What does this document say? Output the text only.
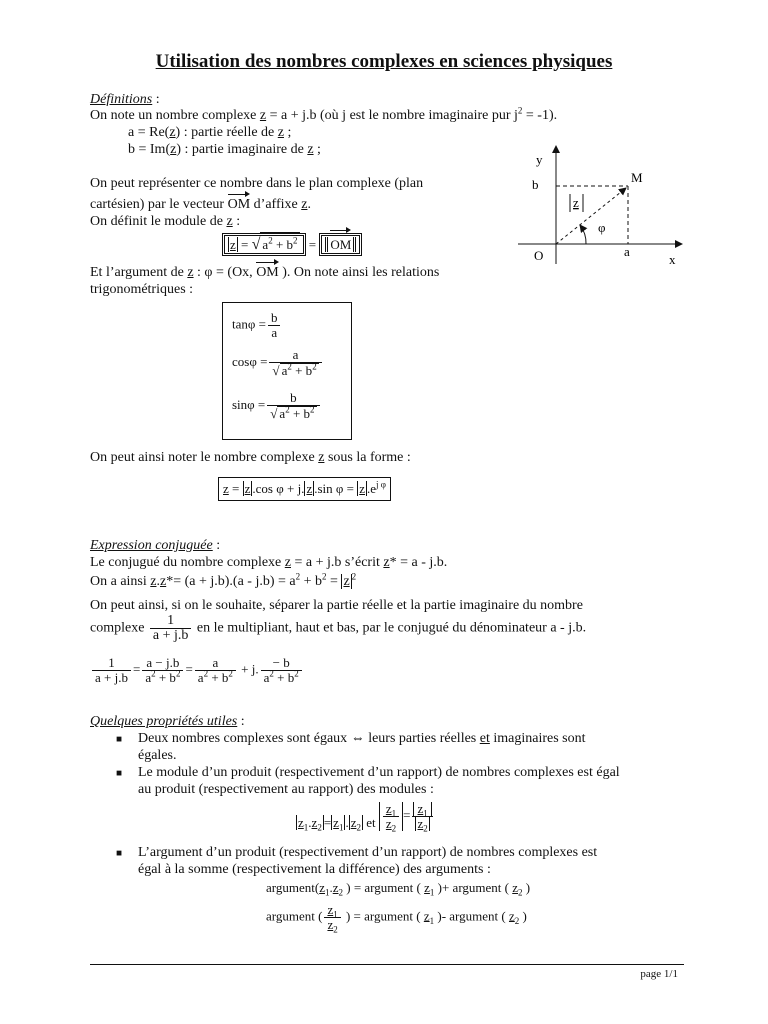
Utilisation des nombres complexes en sciences physiques
Définitions :
On note un nombre complexe z = a + j.b (où j est le nombre imaginaire pur $j^2 = -1$).
a = Re(z) : partie réelle de z ;
b = Im(z) : partie imaginaire de z ;
On peut représenter ce nombre dans le plan complexe (plan
cartésien) par le vecteur OM d’affixe z.
On définit le module de z :
z = √ $a^2 + b^2$ = OM
Et l’argument de z : φ = (Ox, OM ). On note ainsi les relations
trigonométriques :
$\tan\varphi = \frac{b}{a}$
$\cos\varphi = \frac{a}{√ a^2 + b^2}$
$\sin\varphi = \frac{b}{√ a^2 + b^2}$
On peut ainsi noter le nombre complexe z sous la forme :
z = z .cos φ + j. z .sin φ = z $.e^{j \varphi}$
y
x
b
a
O
M
z
φ
Expression conjuguée :
Le conjugué du nombre complexe z = a + j.b s’écrit z* = a - j.b.
On a ainsi $z.z*= (a + j.b).(a - j.b) = a^2 + b^2 = z$ $^2$
On peut ainsi, si on le souhaite, séparer la partie réelle et la partie imaginaire du nombre
complexe $\frac{1}{a + j.b}$ en le multipliant, haut et bas, par le conjugué du dénominateur a - j.b.
$\frac{1}{a + j.b} = \frac{a - j.b}{a^2 + b^2} = \frac{a}{a^2 + b^2} + j$. $\frac{- b}{a^2 + b^2}$
Quelques propriétés utiles :
■ Deux nombres complexes sont égaux ⇔ leurs parties réelles et imaginaires sont
égales.
■ Le module d’un produit (respectivement d’un rapport) de nombres complexes est égal
au produit (respectivement au rapport) des modules :
$z_1.z_2 = z_1$ . $z_2$ et $\frac{z_1}{z_2} = \frac{z_1}{z_2}$
■ L’argument d’un produit (respectivement d’un rapport) de nombres complexes est
égal à la somme (respectivement la différence) des arguments :
$argument(z_1.z_2$ ) = argument ( $z_1$ )+ argument ( $z_2$ )
argument ( $\frac{z_1}{z_2}$ ) = argument ( $z_1$ )- argument ( $z_2$ )
page 1/1
